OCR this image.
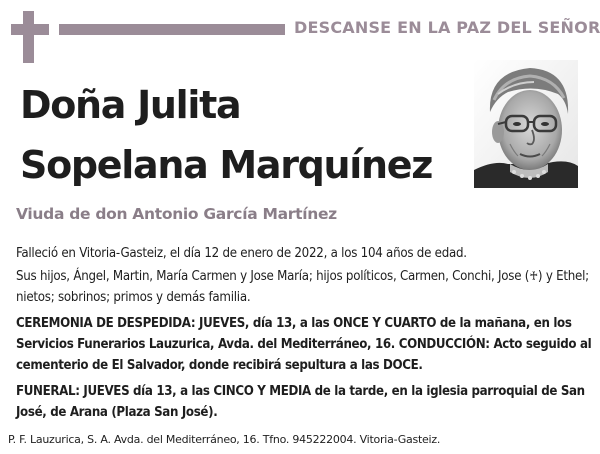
DESCANSE EN LA PAZ DEL SEÑOR
Doña Julita
Sopelana Marquínez
Viuda de don Antonio García Martínez
Falleció en Vitoria-Gasteiz, el día 12 de enero de 2022, a los 104 años de edad.
Sus hijos, Ángel, Martin, María Carmen y Jose María; hijos políticos, Carmen, Conchi, Jose (♰) y Ethel; nietos; sobrinos; primos y demás familia.
CEREMONIA DE DESPEDIDA: JUEVES, día 13, a las ONCE Y CUARTO de la mañana, en los Servicios Funerarios Lauzurica, Avda. del Mediterráneo, 16. CONDUCCIÓN: Acto seguido al cementerio de El Salvador, donde recibirá sepultura a las DOCE.
FUNERAL: JUEVES día 13, a las CINCO Y MEDIA de la tarde, en la iglesia parroquial de San José, de Arana (Plaza San José).
P. F. Lauzurica, S. A. Avda. del Mediterráneo, 16. Tfno. 945222004. Vitoria-Gasteiz.
